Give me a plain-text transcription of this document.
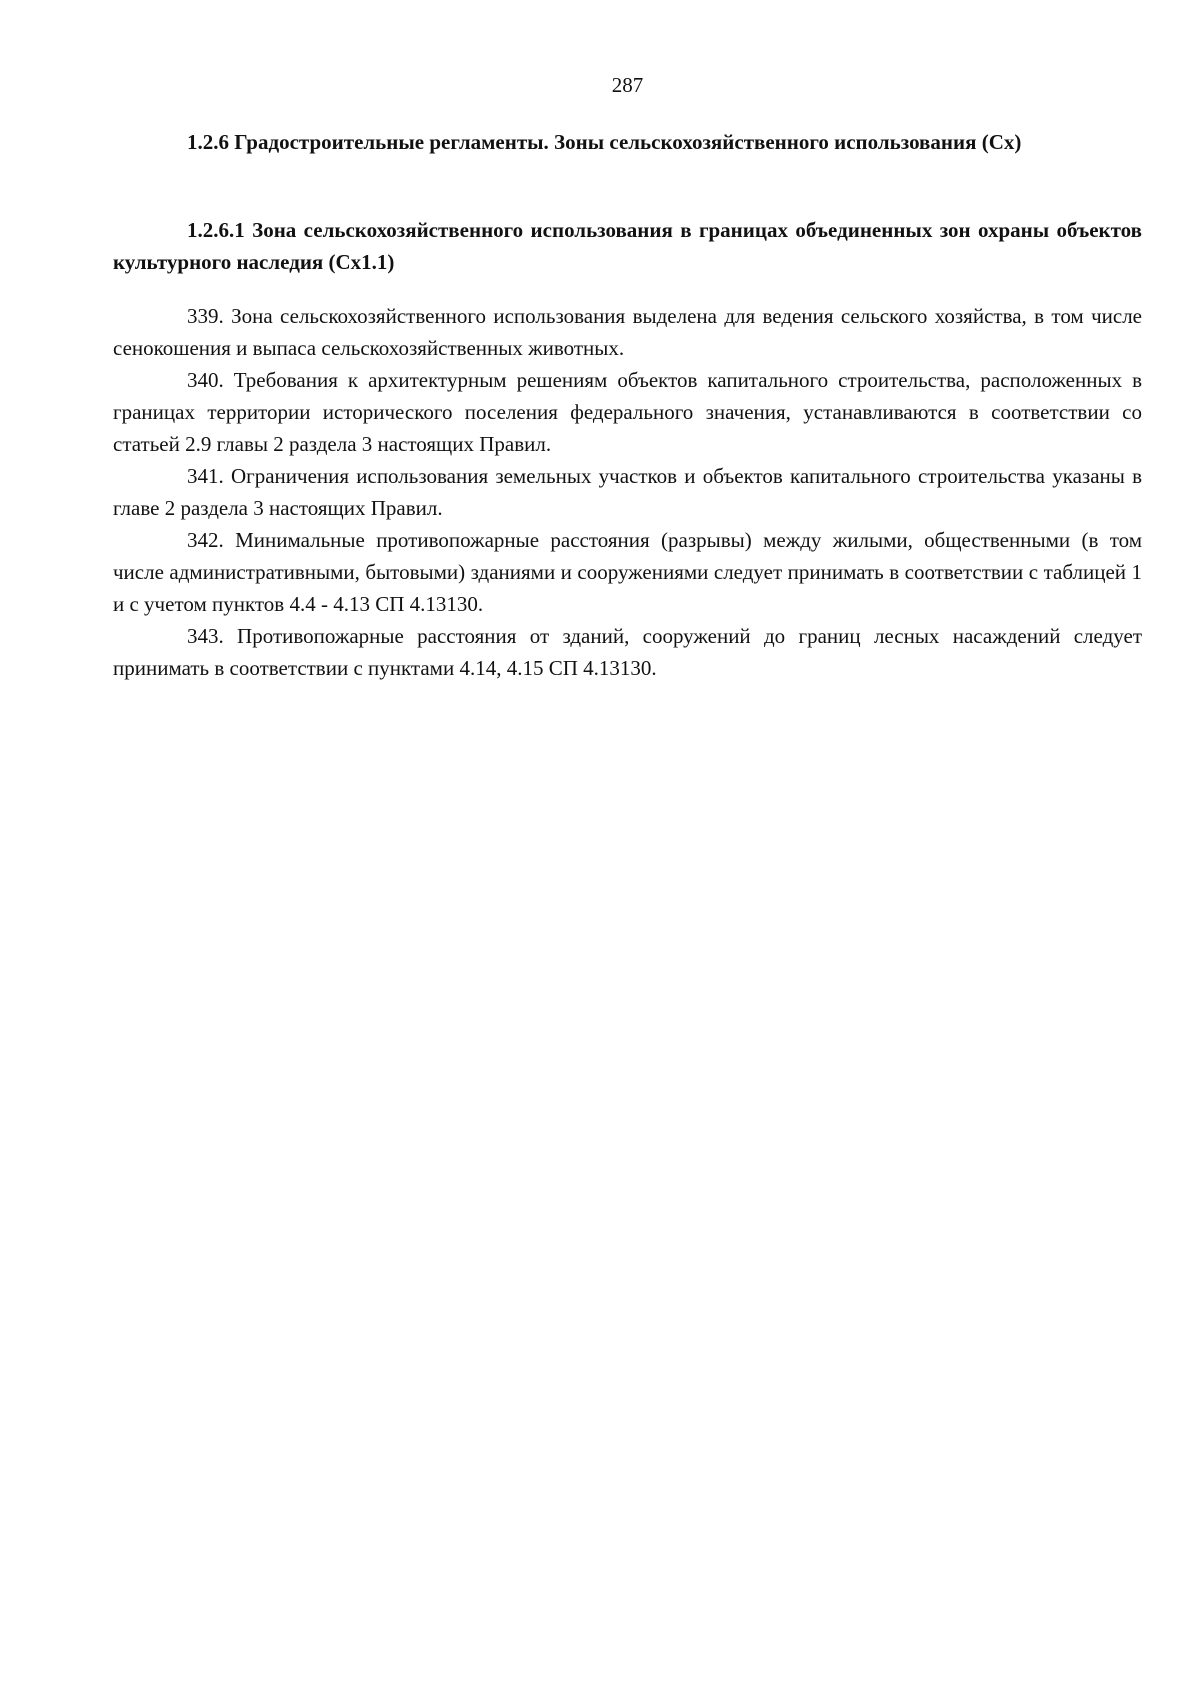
287

1.2.6 Градостроительные регламенты. Зоны сельскохозяйственного использования (Сх)

1.2.6.1 Зона сельскохозяйственного использования в границах объединенных зон охраны объектов культурного наследия (Сх1.1)

339. Зона сельскохозяйственного использования выделена для ведения сельского хозяйства, в том числе сенокошения и выпаса сельскохозяйственных животных.

340. Требования к архитектурным решениям объектов капитального строительства, расположенных в границах территории исторического поселения федерального значения, устанавливаются в соответствии со статьей 2.9 главы 2 раздела 3 настоящих Правил.

341. Ограничения использования земельных участков и объектов капитального строительства указаны в главе 2 раздела 3 настоящих Правил.

342. Минимальные противопожарные расстояния (разрывы) между жилыми, общественными (в том числе административными, бытовыми) зданиями и сооружениями следует принимать в соответствии с таблицей 1 и с учетом пунктов 4.4 - 4.13 СП 4.13130.

343. Противопожарные расстояния от зданий, сооружений до границ лесных насаждений следует принимать в соответствии с пунктами 4.14, 4.15 СП 4.13130.
